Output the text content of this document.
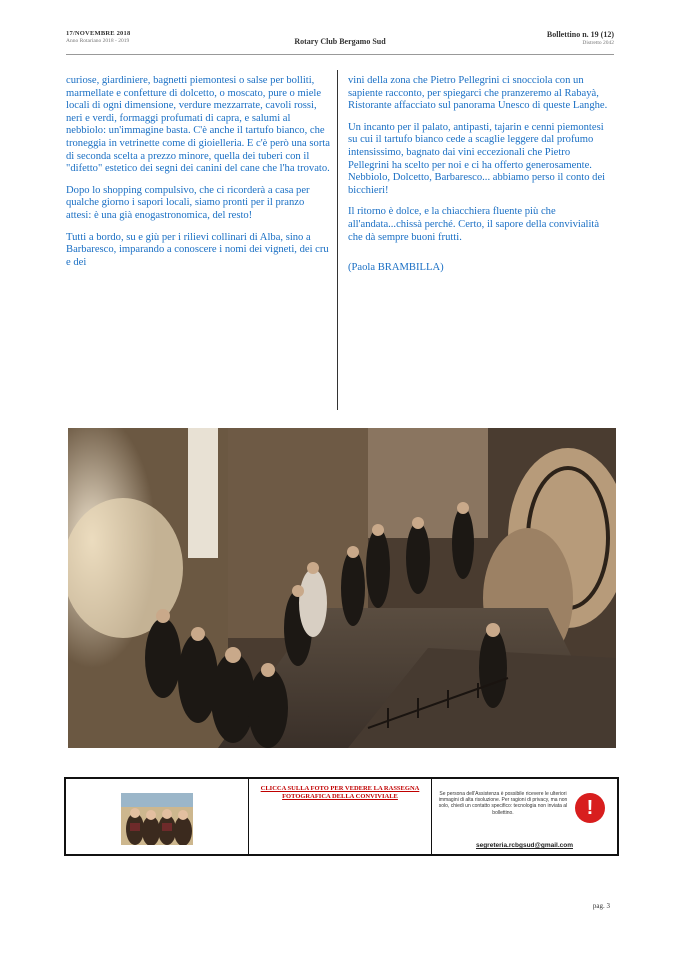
17/NOVEMBRE 2018
Anno Rotariano 2018 - 2019	Rotary Club Bergamo Sud
Bollettino n. 19 (12)
Distretto 2042

curiose, giardiniere, bagnetti piemontesi o salse per bolliti, marmellate e confetture di dolcetto, o moscato, pure o miele locali di ogni dimensione, verdure mezzarrate, cavoli rossi, neri e verdi, formaggi profumati di capra, e salumi al nebbiolo: un'immagine basta. C'è anche il tartufo bianco, che troneggia in vetrinette come di gioielleria. E c'è però una sorta di seconda scelta a prezzo minore, quella dei tuberi con il "difetto" estetico dei segni dei canini del cane che l'ha trovato.

Dopo lo shopping compulsivo, che ci ricorderà a casa per qualche giorno i sapori locali, siamo pronti per il pranzo attesi: è una già enogastronomica, del resto!

Tutti a bordo, su e giù per i rilievi collinari di Alba, sino a Barbaresco, imparando a conoscere i nomi dei vigneti, dei cru e dei

vini della zona che Pietro Pellegrini ci snocciola con un sapiente racconto, per spiegarci che pranzeremo al Rabayà, Ristorante affacciato sul panorama Unesco di queste Langhe.

Un incanto per il palato, antipasti, tajarin e cenni piemontesi su cui il tartufo bianco cede a scaglie leggere dal profumo intensissimo, bagnato dai vini eccezionali che Pietro Pellegrini ha scelto per noi e ci ha offerto generosamente. Nebbiolo, Dolcetto, Barbaresco... abbiamo perso il conto dei bicchieri!

Il ritorno è dolce, e la chiacchiera fluente più che all'andata...chissà perché. Certo, il sapore della convivialità che dà sempre buoni frutti.

(Paola BRAMBILLA)

CLICCA SULLA FOTO PER VEDERE LA RASSEGNA FOTOGRAFICA DELLA CONVIVIALE	Se persona dell'Assistenza è possibile ricevere le ulteriori immagini di alta risoluzione. Per ragioni di privacy, ma non solo, chiedi un contatto specifico: tecnologia non inviata al bollettino.	!
segreteria.rcbgsud@gmail.com
pag. 3
